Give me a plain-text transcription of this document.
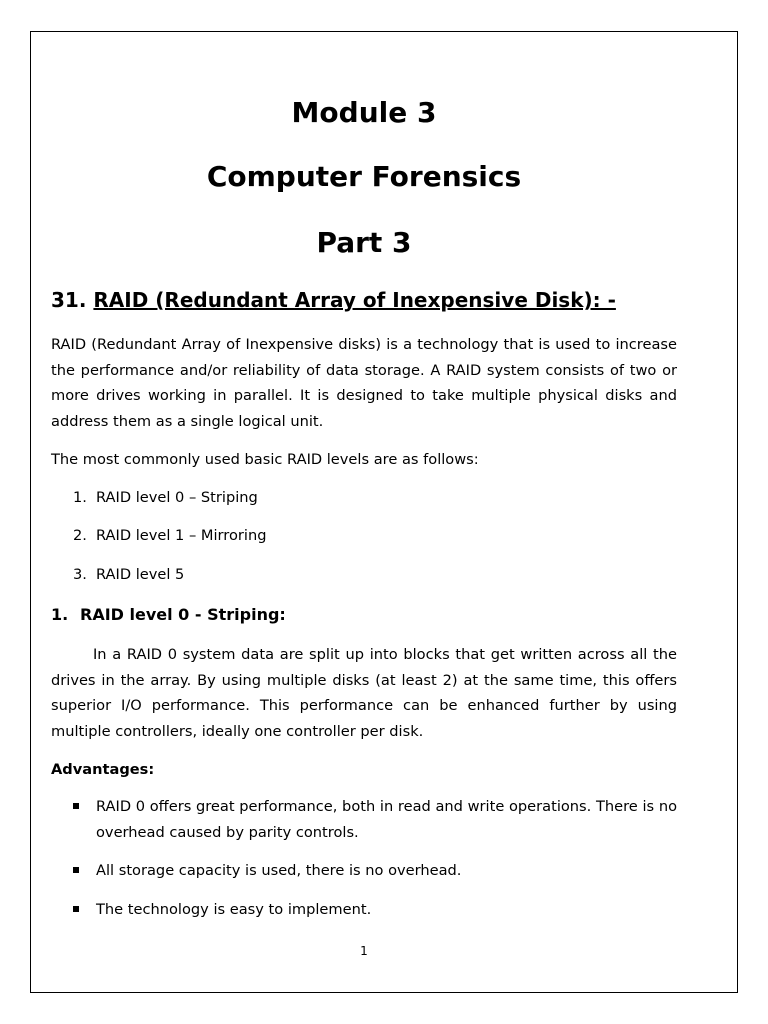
Module 3
Computer Forensics
Part 3
31. RAID (Redundant Array of Inexpensive Disk): -
RAID (Redundant Array of Inexpensive disks) is a technology that is used to increase the performance and/or reliability of data storage. A RAID system consists of two or more drives working in parallel. It is designed to take multiple physical disks and address them as a single logical unit.
The most commonly used basic RAID levels are as follows:
1. RAID level 0 – Striping
2. RAID level 1 – Mirroring
3. RAID level 5
1. RAID level 0 - Striping:
In a RAID 0 system data are split up into blocks that get written across all the drives in the array. By using multiple disks (at least 2) at the same time, this offers superior I/O performance. This performance can be enhanced further by using multiple controllers, ideally one controller per disk.
Advantages:
RAID 0 offers great performance, both in read and write operations. There is no overhead caused by parity controls.
All storage capacity is used, there is no overhead.
The technology is easy to implement.
1
